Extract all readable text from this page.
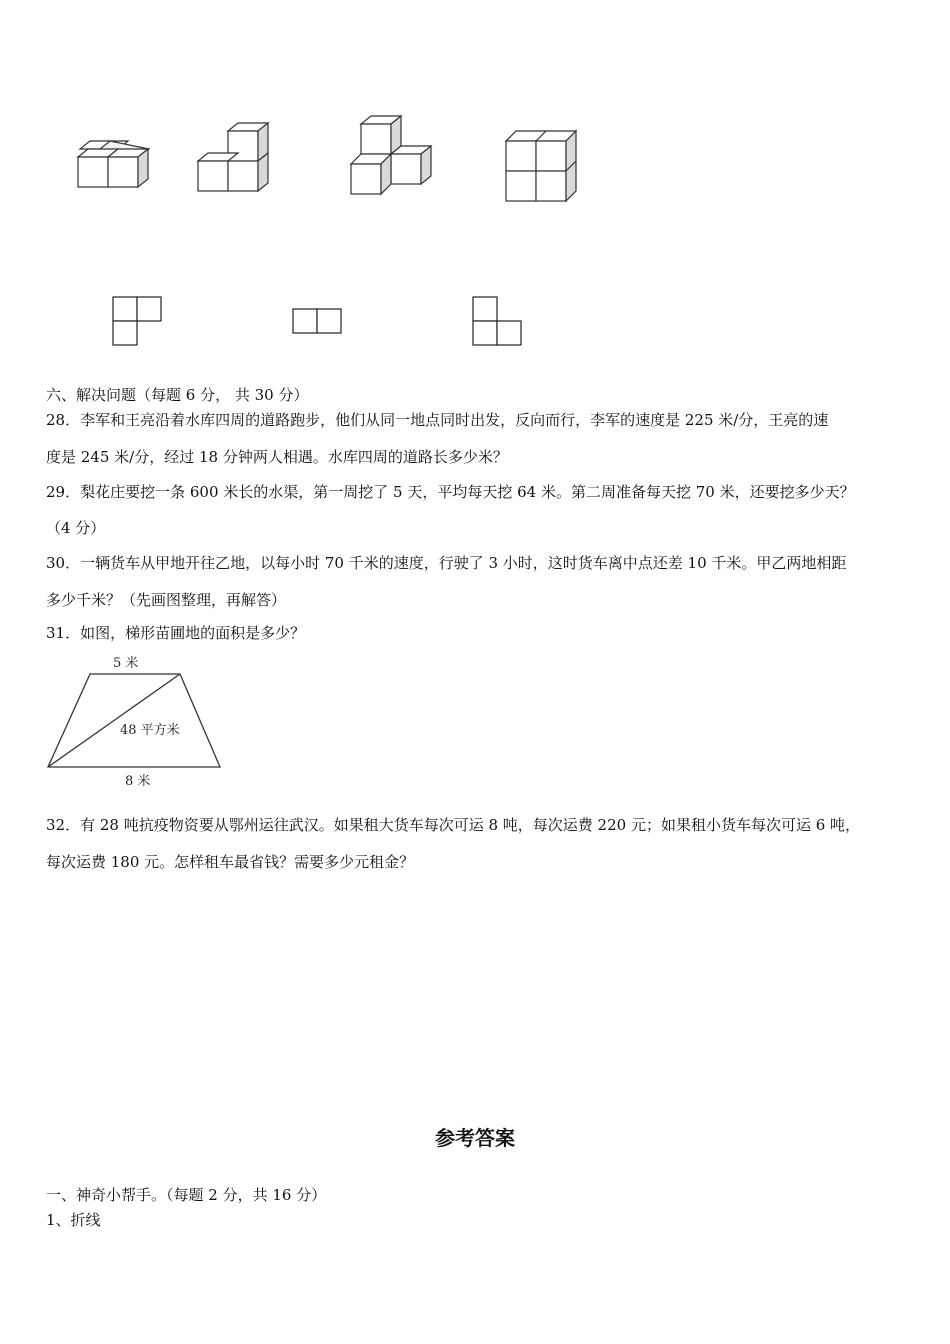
六、解决问题（每题 6 分， 共 30 分）
28．李军和王亮沿着水库四周的道路跑步，他们从同一地点同时出发，反向而行，李军的速度是 225 米/分，王亮的速
度是 245 米/分，经过 18 分钟两人相遇。水库四周的道路长多少米？
29．梨花庄要挖一条 600 米长的水渠，第一周挖了 5 天，平均每天挖 64 米。第二周准备每天挖 70 米，还要挖多少天？
（4 分）
30．一辆货车从甲地开往乙地，以每小时 70 千米的速度，行驶了 3 小时，这时货车离中点还差 10 千米。甲乙两地相距
多少千米？（先画图整理，再解答）
31．如图，梯形苗圃地的面积是多少？
5 米
48 平方米
8 米
32．有 28 吨抗疫物资要从鄂州运往武汉。如果租大货车每次可运 8 吨，每次运费 220 元；如果租小货车每次可运 6 吨，
每次运费 180 元。怎样租车最省钱？需要多少元租金？
参考答案
一、神奇小帮手。（每题 2 分，共 16 分）
1、折线
